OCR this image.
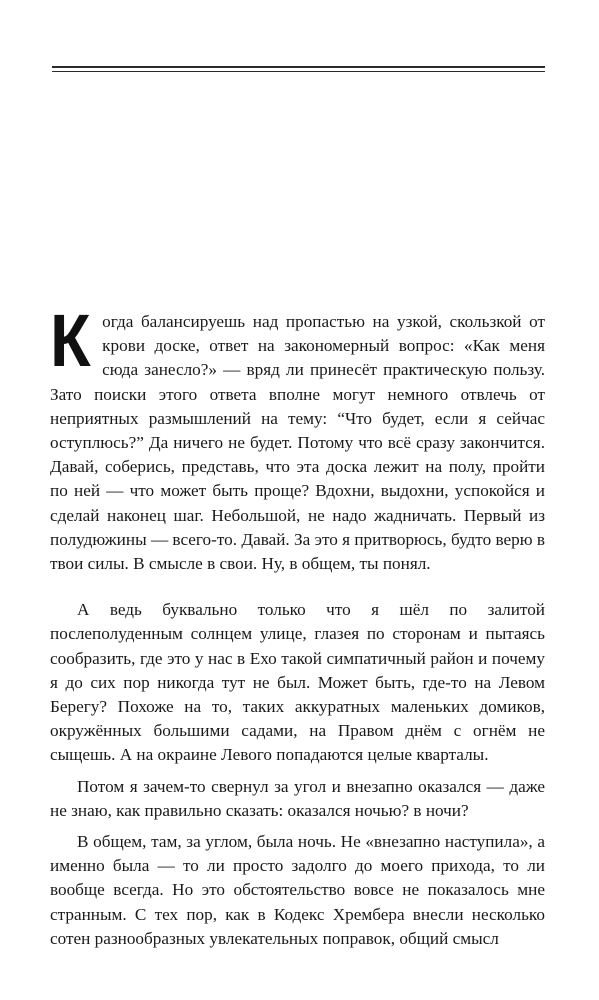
Когда балансируешь над пропастью на узкой, скользкой от крови доске, ответ на закономерный вопрос: «Как меня сюда занесло?» — вряд ли принесёт практическую пользу. Зато поиски этого ответа вполне могут немного отвлечь от неприятных размышлений на тему: “Что будет, если я сейчас оступлюсь?” Да ничего не будет. Потому что всё сразу закончится. Давай, соберись, представь, что эта доска лежит на полу, пройти по ней — что может быть проще? Вдохни, выдохни, успокойся и сделай наконец шаг. Небольшой, не надо жадничать. Первый из полудюжины — всего-то. Давай. За это я притворюсь, будто верю в твои силы. В смысле в свои. Ну, в общем, ты понял.

А ведь буквально только что я шёл по залитой послеполуденным солнцем улице, глазея по сторонам и пытаясь сообразить, где это у нас в Ехо такой симпатичный район и почему я до сих пор никогда тут не был. Может быть, где-то на Левом Берегу? Похоже на то, таких аккуратных маленьких домиков, окружённых большими садами, на Правом днём с огнём не сыщешь. А на окраине Левого попадаются целые кварталы.

Потом я зачем-то свернул за угол и внезапно оказался — даже не знаю, как правильно сказать: оказался ночью? в ночи?

В общем, там, за углом, была ночь. Не «внезапно наступила», а именно была — то ли просто задолго до моего прихода, то ли вообще всегда. Но это обстоятельство вовсе не показалось мне странным. С тех пор, как в Кодекс Хрембера внесли несколько сотен разнообразных увлекательных поправок, общий смысл
